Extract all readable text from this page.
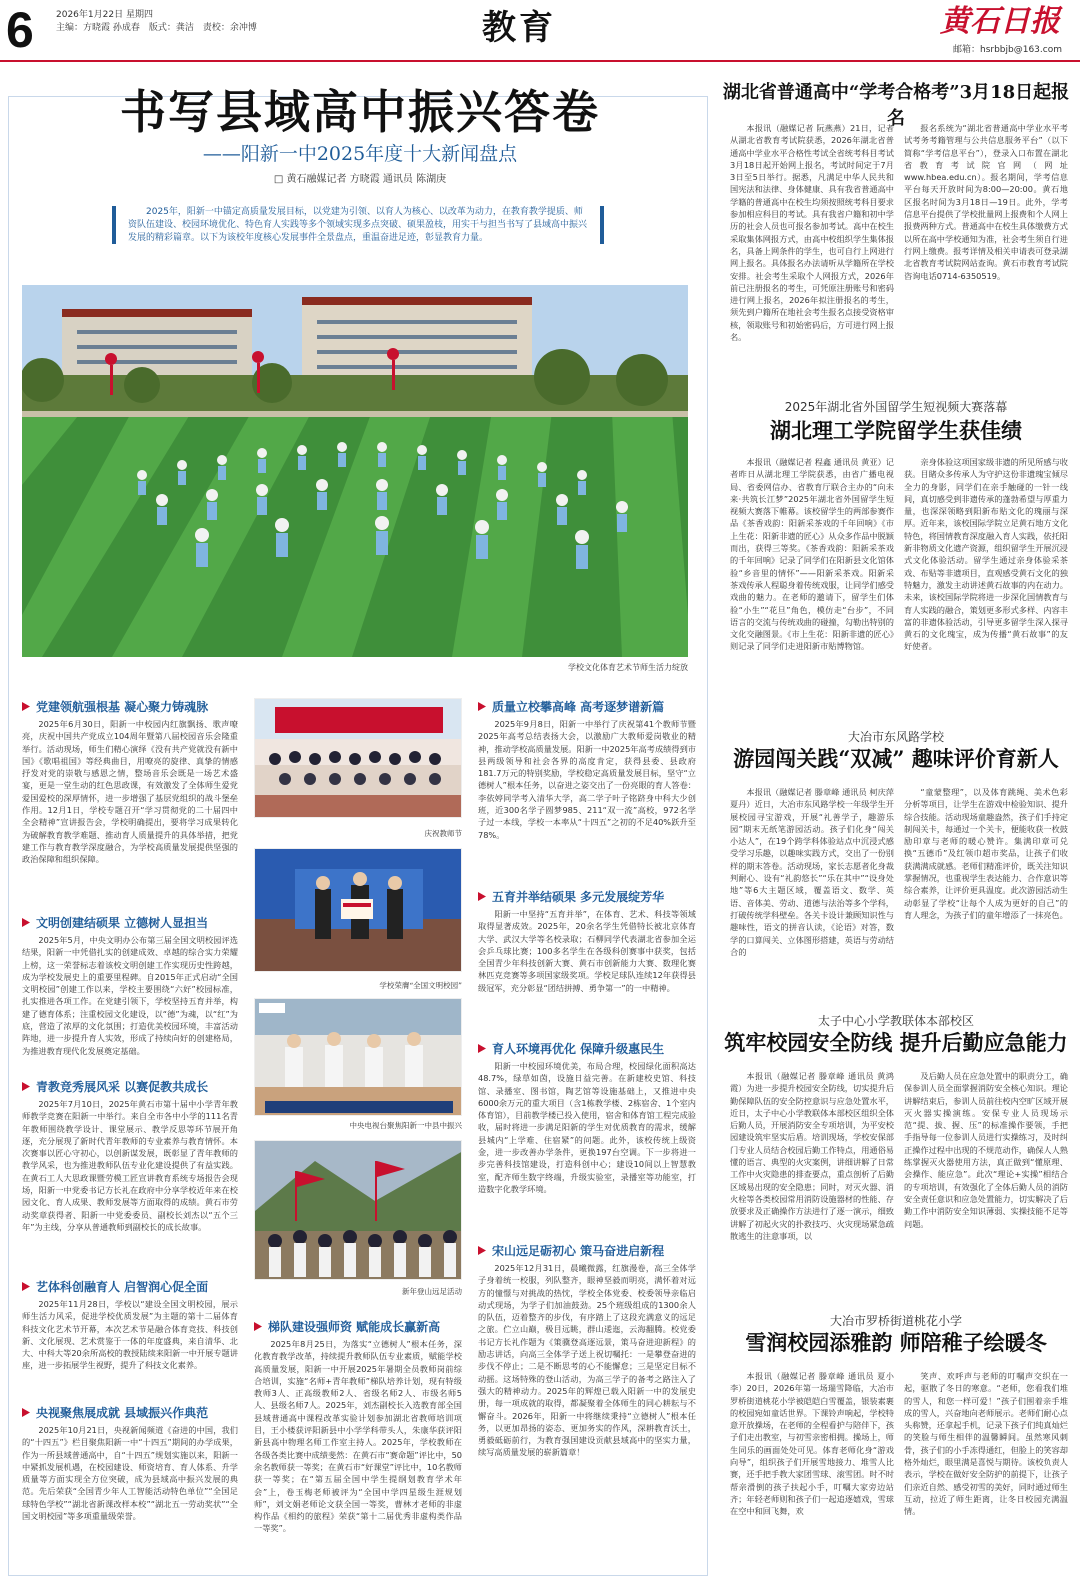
6 2026年1月22日 星期四
主编：方晓霞 孙成春　版式：龚洁　责校：余冲博	教育	黄石日报
邮箱：hsrbbjb@163.com
书写县域高中振兴答卷
——阳新一中2025年度十大新闻盘点
□ 黄石融媒记者 方晓霞 通讯员 陈湖庚
2025年，阳新一中锚定高质量发展目标，以党建为引领、以育人为核心、以改革为动力，在教育教学提质、师资队伍建设、校园环境优化、特色育人实践等多个领域实现多点突破、硕果盈枝，用实干与担当书写了县域高中振兴发展的精彩篇章。以下为该校年度核心发展事件全景盘点，重温奋进足迹，彰显教育力量。
学校文化体育艺术节师生活力绽放
党建领航强根基 凝心聚力铸魂脉
2025年6月30日，阳新一中校园内红旗飘扬、歌声嘹亮，庆祝中国共产党成立104周年暨第八届校园音乐会隆重举行。活动现场，师生们精心演绎《没有共产党就没有新中国》《歌唱祖国》等经典曲目，用嘹亮的旋律、真挚的情感抒发对党的崇敬与感恩之情，整场音乐会既是一场艺术盛宴，更是一堂生动的红色思政课，有效激发了全体师生爱党爱国爱校的深厚情怀，进一步增强了基层党组织的战斗堡垒作用。12月1日，学校专题召开“学习贯彻党的二十届四中全会精神”宣讲报告会，学校明确提出，要将学习成果转化为破解教育教学难题、推动育人质量提升的具体举措，把党建工作与教育教学深度融合，为学校高质量发展提供坚强的政治保障和组织保障。
文明创建结硕果 立德树人显担当
2025年5月，中央文明办公布第三届全国文明校园评选结果，阳新一中凭借扎实的创建成效、卓越的综合实力荣耀上榜，这一荣誉标志着该校文明创建工作实现历史性跨越，成为学校发展史上的重要里程碑。自2015年正式启动“全国文明校园”创建工作以来，学校主要围绕“六好”校园标准，扎实推进各项工作。在党建引领下，学校坚持五育并举，构建了德育体系；注重校园文化建设，以“德”为魂，以“红”为底，营造了浓厚的文化氛围；打造优美校园环境，丰富活动阵地，进一步提升育人实效，形成了持续向好的创建格局，为推进教育现代化发展奠定基础。
青教竞秀展风采 以赛促教共成长
2025年7月10日，2025年黄石市第十届中小学青年教师教学竞赛在阳新一中举行。来自全市各中小学的111名青年教师围绕教学设计、课堂展示、教学反思等环节展开角逐，充分展现了新时代青年教师的专业素养与教育情怀。本次赛事以匠心守初心，以创新谋发展，既彰显了青年教师的教学风采，也为推进教师队伍专业化建设提供了有益实践。在黄石工人大思政课暨劳模工匠宣讲教育系统专场报告会现场，阳新一中党委书记方长礼在政府中分享学校近年来在校园文化、育人成果、教师发展等方面取得的成绩。黄石市劳动奖章获得者、阳新一中党委委员、副校长刘杰以“五个三年”为主线，分享从普通教师到副校长的成长故事。
艺体科创融育人 启智润心促全面
2025年11月28日，学校以“建设全国文明校园，展示师生活力风采，促进学校优质发展”为主题的第十二届体育科技文化艺术节开幕，本次艺术节是融合体育竞技、科技创新、文化展现、艺术赏鉴于一体的年度盛典，来自清华、北大、中科大等20余所高校的教授陆续来阳新一中开展专题讲座，进一步拓展学生视野，提升了科技文化素养。
央视聚焦展成就 县域振兴作典范
2025年10月21日，央视新闻频道《奋进的中国，我们的“十四五”》栏目聚焦阳新一中“十四五”期间的办学成果，作为一所县域普通高中，自“十四五”规划实施以来，阳新一中紧抓发展机遇，在校园建设、师资培育、育人体系、升学质量等方面实现全方位突破，成为县域高中振兴发展的典范。先后荣获“全国青少年人工智能活动特色单位”“全国足球特色学校”“湖北省新课改样本校”“湖北五一劳动奖状”“全国文明校园”等多项重量级荣誉。
庆祝教师节
学校荣膺“全国文明校园”
中央电视台聚焦阳新一中县中振兴
新年登山远足活动
梯队建设强师资 赋能成长赢新高
2025年8月25日，为落实“立德树人”根本任务，深化教育教学改革，持续提升教师队伍专业素质，赋能学校高质量发展，阳新一中开展2025年暑期全员教师岗前综合培训，实施“名师+青年教师”梯队培养计划，现有特级教师3人、正高级教师2人、省级名师2人、市级名师5人、县级名师7人。2025年，刘杰副校长入选教育部全国县域普通高中课程改革实验计划参加湖北省教师培训项目，王小楼获评阳新县中小学学科带头人，朱康华获评阳新县高中物理名师工作室主持人。2025年，学校教师在各级各类比赛中成绩斐然：在黄石市“赛命题”评比中，50余名教师获一等奖；在黄石市“好课堂”评比中，10名教师获一等奖；在“第五届全国中学生提纲划教育学术年会”上，卷玉梅老师被评为“全国中学四星级生涯规划师”，刘文娟老师论文获全国一等奖，曹林才老师的非虚构作品《相约的旅程》荣获“第十二届优秀非虚构类作品一等奖”。
质量立校攀高峰 高考逐梦谱新篇
2025年9月8日，阳新一中举行了庆祝第41个教师节暨2025年高考总结表扬大会，以激励广大教师爱岗敬业的精神，推动学校高质量发展。阳新一中2025年高考成绩得到市县两级领导和社会各界的高度肯定，获得县委、县政府181.7万元的特别奖励，学校稳定高质量发展目标，坚守“立德树人”根本任务，以奋进之姿交出了一份亮眼的育人答卷：李依婷同学考入清华大学，高二学子叶子铭跻身中科大少创班，近300名学子圆梦985、211“双一流”高校，972名学子过一本线，学校一本率从“十四五”之初的不足40%跃升至78%。
五育并举结硕果 多元发展绽芳华
阳新一中坚持“五育并举”，在体育、艺术、科技等领域取得显著成效。2025年，20余名学生凭借特长被北京体育大学、武汉大学等名校录取；石柳同学代表湖北省参加全运会乒乓球比赛；100多名学生在各级科创赛事中获奖，包括全国青少年科技创新大赛、黄石市创新能力大赛、数理化赛林匹克竞赛等多项国家级奖项。学校足球队连续12年获得县级冠军，充分彰显“团结拼搏、勇争第一”的一中精神。
育人环境再优化 保障升级惠民生
阳新一中校园环境优美，布局合理，校园绿化面积高达48.7%，绿草如茵，设施日益完善。在新建校史馆、科技馆、录播室、图书馆，陶艺馆等设施基础上，又推进中央6000余万元的重大项目（含1栋教学楼、2栋宿舍、1个室内体育馆），目前教学楼已投入使用，宿舍和体育馆工程完成验收，届时将进一步满足阳新的学生对优质教育的需求，缓解县城内“上学难、住宿紧”的问题。此外，该校传统上级资金，进一步改善办学条件，更换197台空调。下一步将进一步完善科技馆建设，打造科创中心；建设10间以上智慧教室，配齐师生数字终端，升级实验室，录播室等功能室，打造数字化教学环境。
宋山远足砺初心 策马奋进启新程
2025年12月31日，晨曦微露，红旗漫卷，高三全体学子身着统一校服，列队整齐，眼神坚毅而明亮，满怀着对远方的憧憬与对挑战的热忱，学校全体党委、校委领导亲临启动式现场，为学子们加油鼓劲。25个班级组成的1300余人的队伍，迈着整齐的步伐，有序踏上了这段充满意义的远足之旅。伫立山巅，极目远眺，群山逶迤，云海翻腾。校党委书记方长礼作题为《策骥登高逐远景，策马奋进迎新程》的励志讲话，向高三全体学子送上祝切嘱托：一是攀登奋进的步伐不停止；二是不断思考的心不能懈怠；三是坚定目标不动摇。这场特殊的登山活动，为高三学子的备考之路注入了强大的精神动力。2025年的辉煌已载入阳新一中的发展史册，每一项成就的取得，都凝聚着全体师生的同心耕耘与不懈奋斗。2026年，阳新一中将继续秉持“立德树人”根本任务，以更加昂扬的姿态、更加务实的作风，深耕教育沃土，勇毅砥砺前行，为教育强国建设贡献县域高中的坚实力量，续写高质量发展的崭新篇章！
湖北省普通高中“学考合格考”3月18日起报名
本报讯（融媒记者 阮燕燕）21日，记者从湖北省教育考试院获悉，2026年湖北省普通高中学业水平合格性考试全省统考科目考试3月18日起开始网上报名，考试时间定于7月3日至5日举行。据悉，凡满足中华人民共和国宪法和法律、身体健康、具有我省普通高中学籍的普通高中在校生均须按照统考科目要求参加相应科目的考试。具有我省户籍和初中学历的社会人员也可报名参加考试。高中在校生采取集体网报方式，由高中校组织学生集体报名，具备上网条件的学生，也可自行上网进行网上报名。具体报名办法请听从学籍所在学校安排。社会考生采取个人网报方式，2026年前已注册报名的考生，可凭原注册账号和密码进行网上报名，2026年拟注册报名的考生，须先到户籍所在地社会考生报名点接受资格审核，领取账号和初始密码后，方可进行网上报名。
报名系统为“湖北省普通高中学业水平考试考务考籍管理与公共信息服务平台”（以下简称“学考信息平台”），登录入口布置在湖北省教育考试院官网（网址www.hbea.edu.cn）。报名期间，学考信息平台每天开放时间为8:00—20:00。黄石地区报名时间为3月18日—19日。此外，学考信息平台提供了学校批量网上报费和个人网上报费两种方式。普通高中在校生具体缴费方式以所在高中学校通知为准，社会考生须自行进行网上缴费。报考详情及相关申请表可登录湖北省教育考试院网站查询。黄石市教育考试院咨询电话0714-6350519。
2025年湖北省外国留学生短视频大赛落幕
湖北理工学院留学生获佳绩
本报讯（融媒记者 程鑫 通讯员 黄亚）记者昨日从湖北理工学院获悉，由省广播电视局、省委网信办、省教育厅联合主办的“向未来·共筑长江梦”2025年湖北省外国留学生短视频大赛落下帷幕。该校留学生的两部参赛作品《茶香戏韵：阳新采茶戏的千年回响》《市上生花：阳新非遗的匠心》从众多作品中脱颖而出，获得三等奖。《茶香戏韵：阳新采茶戏的千年回响》记录了同学们在阳新县文化馆体验“乡音里的情怀”——阳新采茶戏。阳新采茶戏传承人程聪身着传统戏服，让同学们感受戏曲的魅力。在老师的邀请下，留学生们体验“小生”“花旦”角色，模仿走“台步”，不同语言的交流与传统戏曲的碰撞，勾勒出特别的文化交融图景。《市上生花：阳新非遗的匠心》则记录了同学们走进阳新市贴博物馆。
亲身体验这项国家级非遗的所见所感与收获。目睹众多传承人为守护这份非遗瑰宝倾尽全力的身影，同学们在亲手触碰的一针一线间，真切感受到非遗传承的蓬勃希望与厚重力量，也深深领略到阳新布贴文化的瑰丽与深厚。近年来，该校国际学院立足黄石地方文化特色，将国情教育深度融入育人实践，依托阳新非物质文化遗产资源，组织留学生开展沉浸式文化体验活动。留学生通过亲身体验采茶戏、布贴等非遗项目，直观感受黄石文化的独特魅力，激发主动讲述黄石故事的内在动力。未来，该校国际学院将进一步深化国情教育与育人实践的融合，策划更多形式多样、内容丰富的非遗体验活动，引导更多留学生深入探寻黄石的文化瑰宝，成为传播“黄石故事”的友好使者。
大冶市东风路学校
游园闯关践“双减” 趣味评价育新人
本报讯（融媒记者 滕章峰 通讯员 柯庆萍 夏丹）近日，大冶市东风路学校一年级学生开展校园寻宝游戏，开展“礼善学子，趣游乐园”期末无纸笔游园活动。孩子们化身“闯关小达人”，在19个跨学科体验站点中沉浸式感受学习乐趣，以趣味实践方式，交出了一份别样的期末答卷。活动现场，家长志愿者化身裁判耐心、设有“礼韵悠长”“乐在其中”“设身处地”等6大主题区域，覆盖语文、数学、英语、音体美、劳动、道德与法治等多个学科，打破传统学科壁垒。各关卡设计兼顾知识性与趣味性，语文的拼音认读，《论语》对答，数学的口算闯关、立体图形搭建，英语与劳动结合的
“童蒙整理”，以及体育跳绳、美术色彩分析等项目，让学生在游戏中检验知识、提升综合技能。活动现场童趣盎然，孩子们手持定制闯关卡，每通过一个关卡，便能收获一枚鼓励印章与老师的暖心赞许。集满印章可兑换“五德币”及红领巾超市奖品，让孩子们收获满满成就感。老师们精准评价，既关注知识掌握情况，也重视学生表达能力、合作意识等综合素养，让评价更具温度。此次游园活动生动彰显了学校“让每个人成为更好的自己”的育人理念，为孩子们的童年增添了一抹亮色。
太子中心小学教联体本部校区
筑牢校园安全防线 提升后勤应急能力
本报讯（融媒记者 滕章峰 通讯员 黄鸿霞）为进一步提升校园安全防线，切实提升后勤保障队伍的安全防控意识与应急处置水平，近日，太子中心小学教联体本部校区组织全体后勤人员，开展消防安全专项培训，为平安校园建设筑牢坚实后盾。培训现场，学校安保部门专业人员结合校园后勤工作特点，用通俗易懂的语言、典型的火灾案例，讲细讲解了日常工作中火灾隐患的排查要点，重点剖析了后勤区域易出现的安全隐患；同时，对灭火器、消火栓等各类校园常用消防设施器材的性能、存放要求及正确操作方法进行了逐一演示，细致讲解了初起火灾的扑救技巧、火灾现场紧急疏散逃生的注意事项，以
及后勤人员在应急处置中的职责分工，确保参训人员全面掌握消防安全核心知识。理论讲解结束后，参训人员前往校内空旷区域开展灭火器实操演练。安保专业人员现场示范“提、拔、握、压”的标准操作要领，手把手指导每一位参训人员进行实操练习，及时纠正操作过程中出现的不规范动作，确保人人熟练掌握灭火器使用方法，真正做到“懂原理、会操作、能应急”。此次“理论+实操”相结合的专项培训，有效强化了全体后勤人员的消防安全责任意识和应急处置能力，切实解决了后勤工作中消防安全知识薄弱、实操技能不足等问题。
大冶市罗桥街道桃花小学
雪润校园添雅韵 师陪稚子绘暖冬
本报讯（融媒记者 滕章峰 通讯员 夏小李）20日，2026年第一场瑞雪降临，大冶市罗桥街道桃花小学被皑皑白雪覆盖，银装素裹的校园宛如童话世界。下课铃声响起，学校特意开放操场，在老师的全程看护与陪伴下，孩子们走出教室，与初雪亲密相拥。操场上，师生同乐的画面处处可见。体育老师化身“游戏向导”，组织孩子们开展雪地接力、堆雪人比赛，还手把手教大家团雪球、滚雪团。时不时帮亲滑倒的孩子扶起小手，叮嘱大家旁边站齐；年轻老师则和孩子们一起追逐嬉戏，雪球在空中和回飞舞，欢
笑声、欢呼声与老师的叮嘱声交织在一起，驱散了冬日的寒意。“老师，您看我们堆的雪人，和您一样可爱！”孩子们围着亲手堆成的雪人，兴奋地向老师展示。老师们耐心点头称赞，还拿起手机，记录下孩子们纯真灿烂的笑脸与师生相伴的温馨瞬间。虽然寒风刺骨，孩子们的小手冻得通红，但脸上的笑容却格外灿烂，眼里满是喜悦与期待。该校负责人表示，学校在做好安全防护的前提下，让孩子们亲近自然、感受初雪的美好，同时通过师生互动，拉近了师生距离，让冬日校园充满温情。
